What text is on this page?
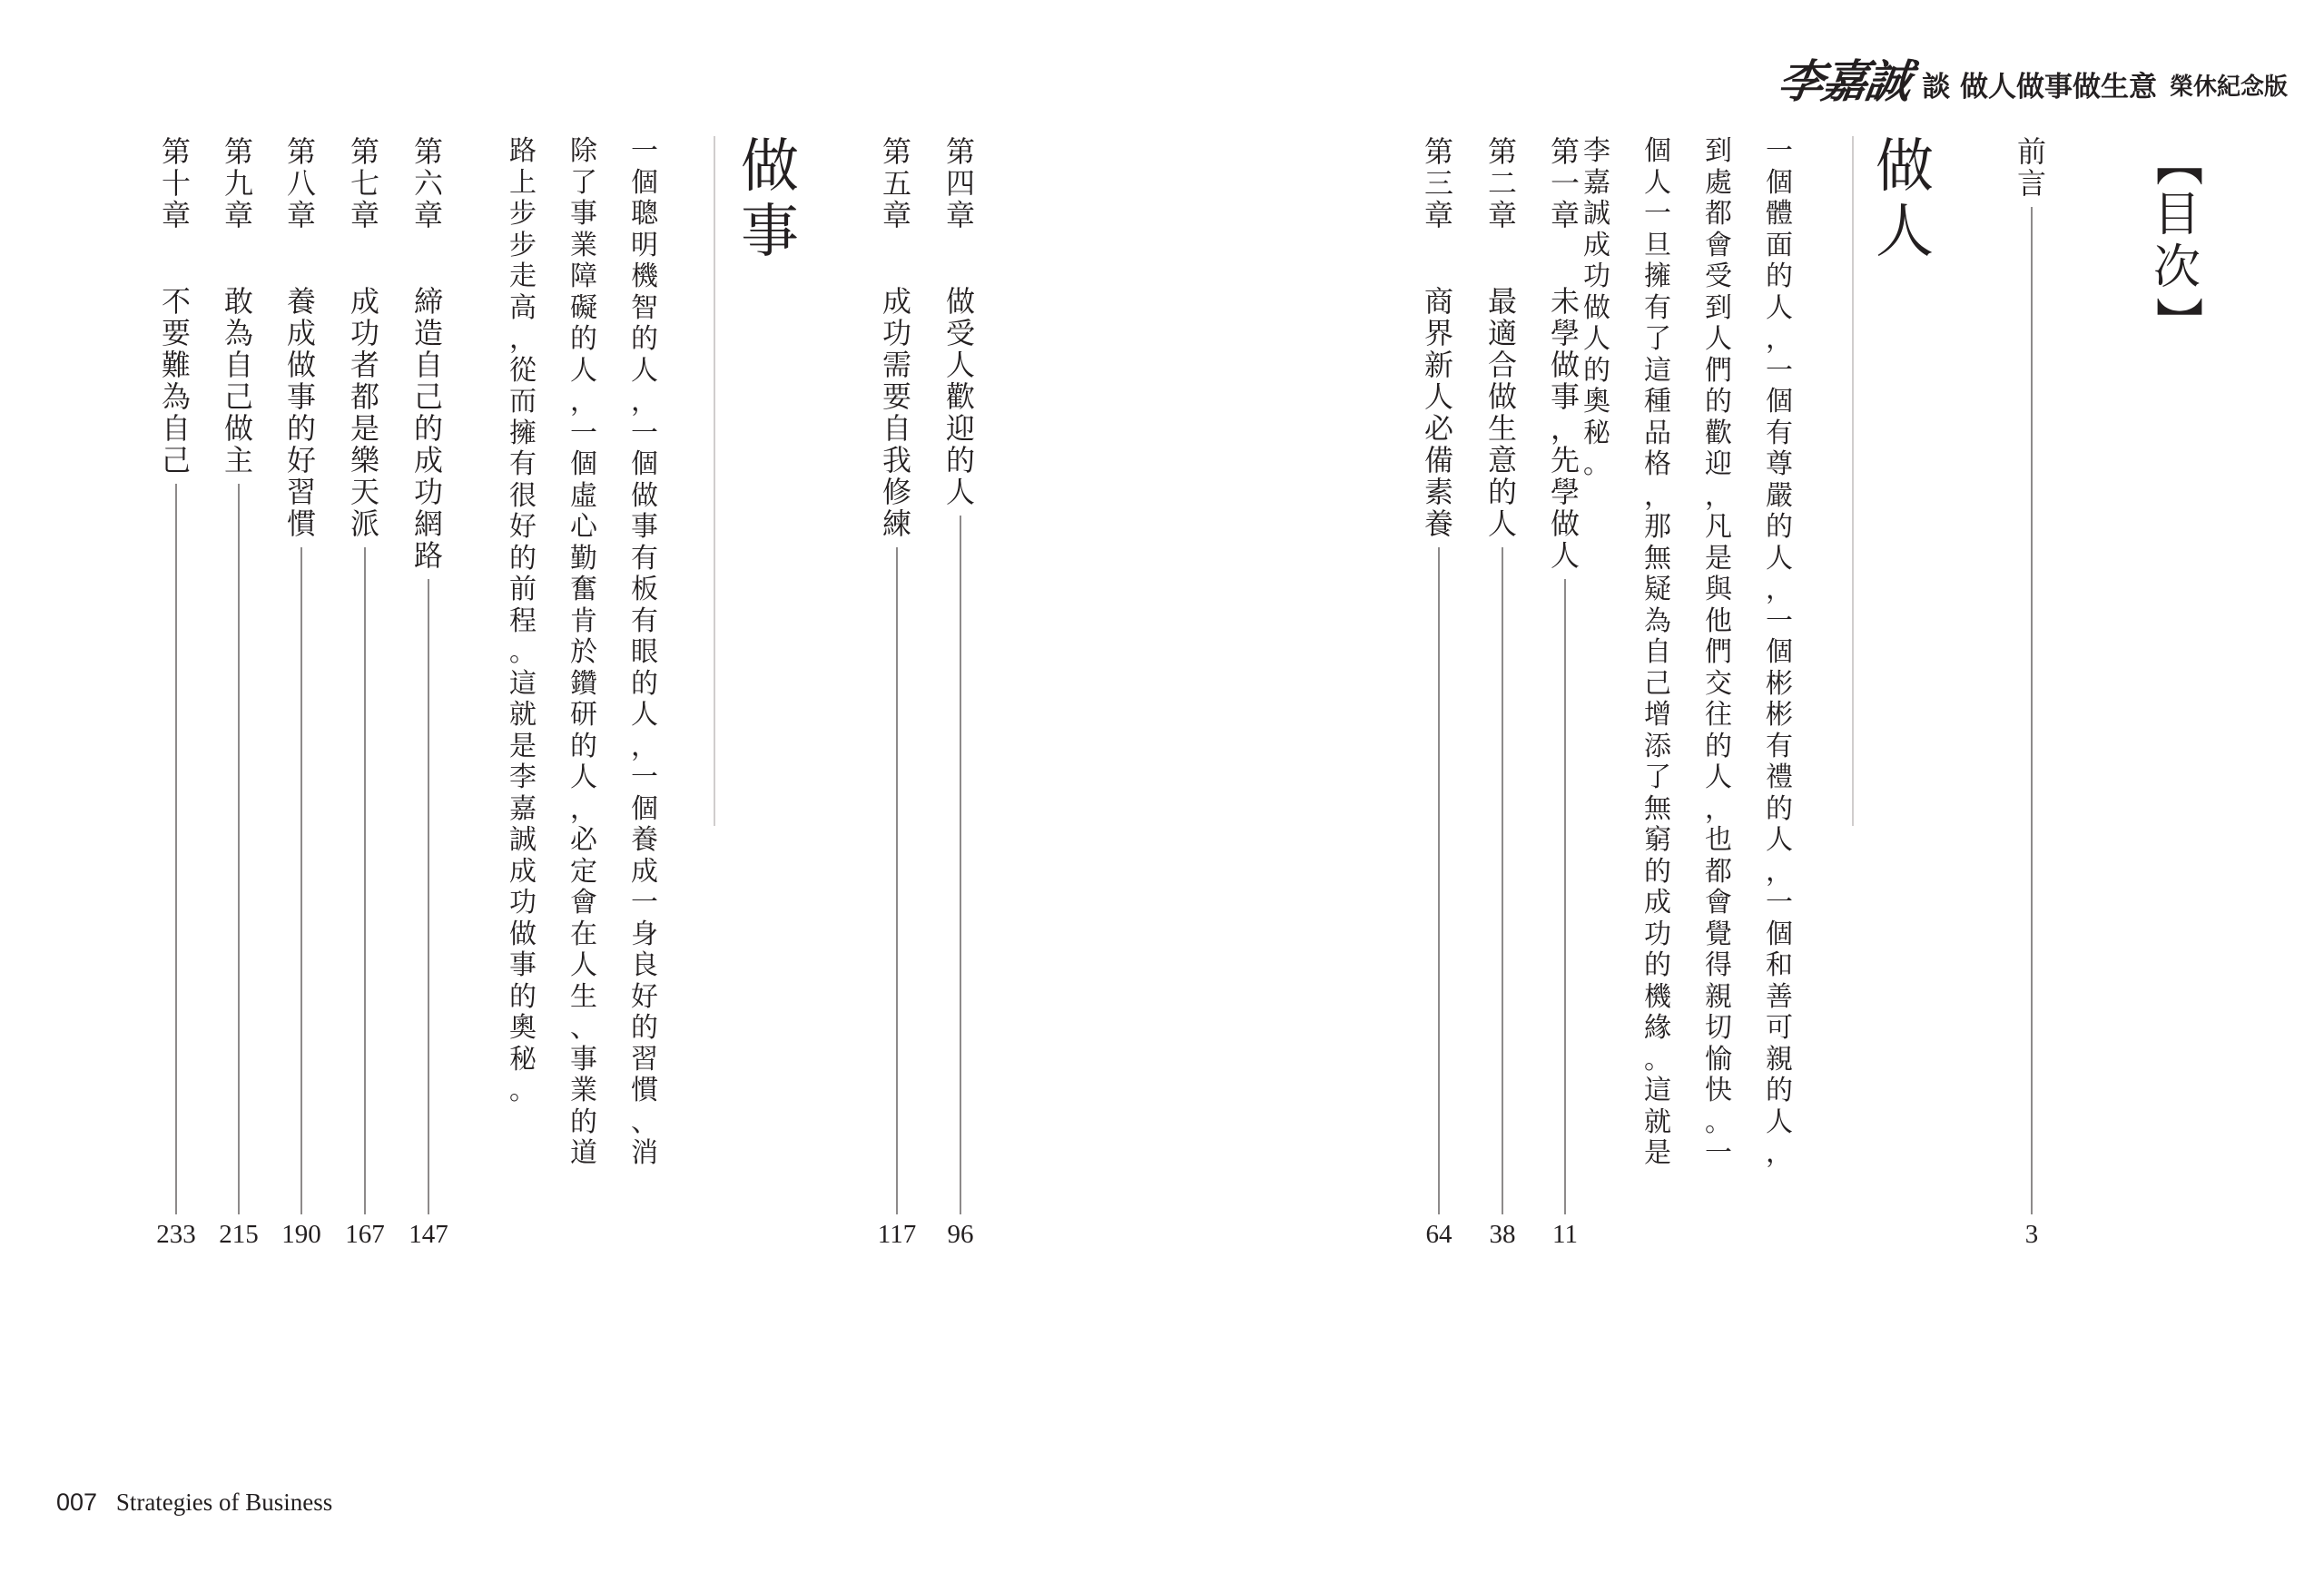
李嘉誠 談 做人做事做生意 榮休紀念版
【
目
次
】
前
言
3
做
人
一
個
體
面
的
人
，
一
個
有
尊
嚴
的
人
，
一
個
彬
彬
有
禮
的
人
，
一
個
和
善
可
親
的
人
，
到
處
都
會
受
到
人
們
的
歡
迎
，
凡
是
與
他
們
交
往
的
人
，
也
都
會
覺
得
親
切
愉
快
。
一
個
人
一
旦
擁
有
了
這
種
品
格
，
那
無
疑
為
自
己
增
添
了
無
窮
的
成
功
的
機
緣
。
這
就
是
李
嘉
誠
成
功
做
人
的
奧
秘
。
第
一
章
未
學
做
事
，
先
學
做
人
11
第
二
章
最
適
合
做
生
意
的
人
38
第
三
章
商
界
新
人
必
備
素
養
64
第
四
章
做
受
人
歡
迎
的
人
96
第
五
章
成
功
需
要
自
我
修
練
117
做
事
一
個
聰
明
機
智
的
人
，
一
個
做
事
有
板
有
眼
的
人
，
一
個
養
成
一
身
良
好
的
習
慣
、
消
除
了
事
業
障
礙
的
人
，
一
個
虛
心
勤
奮
肯
於
鑽
研
的
人
，
必
定
會
在
人
生
、
事
業
的
道
路
上
步
步
走
高
，
從
而
擁
有
很
好
的
前
程
。
這
就
是
李
嘉
誠
成
功
做
事
的
奧
秘
。
第
六
章
締
造
自
己
的
成
功
網
路
147
第
七
章
成
功
者
都
是
樂
天
派
167
第
八
章
養
成
做
事
的
好
習
慣
190
第
九
章
敢
為
自
己
做
主
215
第
十
章
不
要
難
為
自
己
233
007 Strategies of Business
